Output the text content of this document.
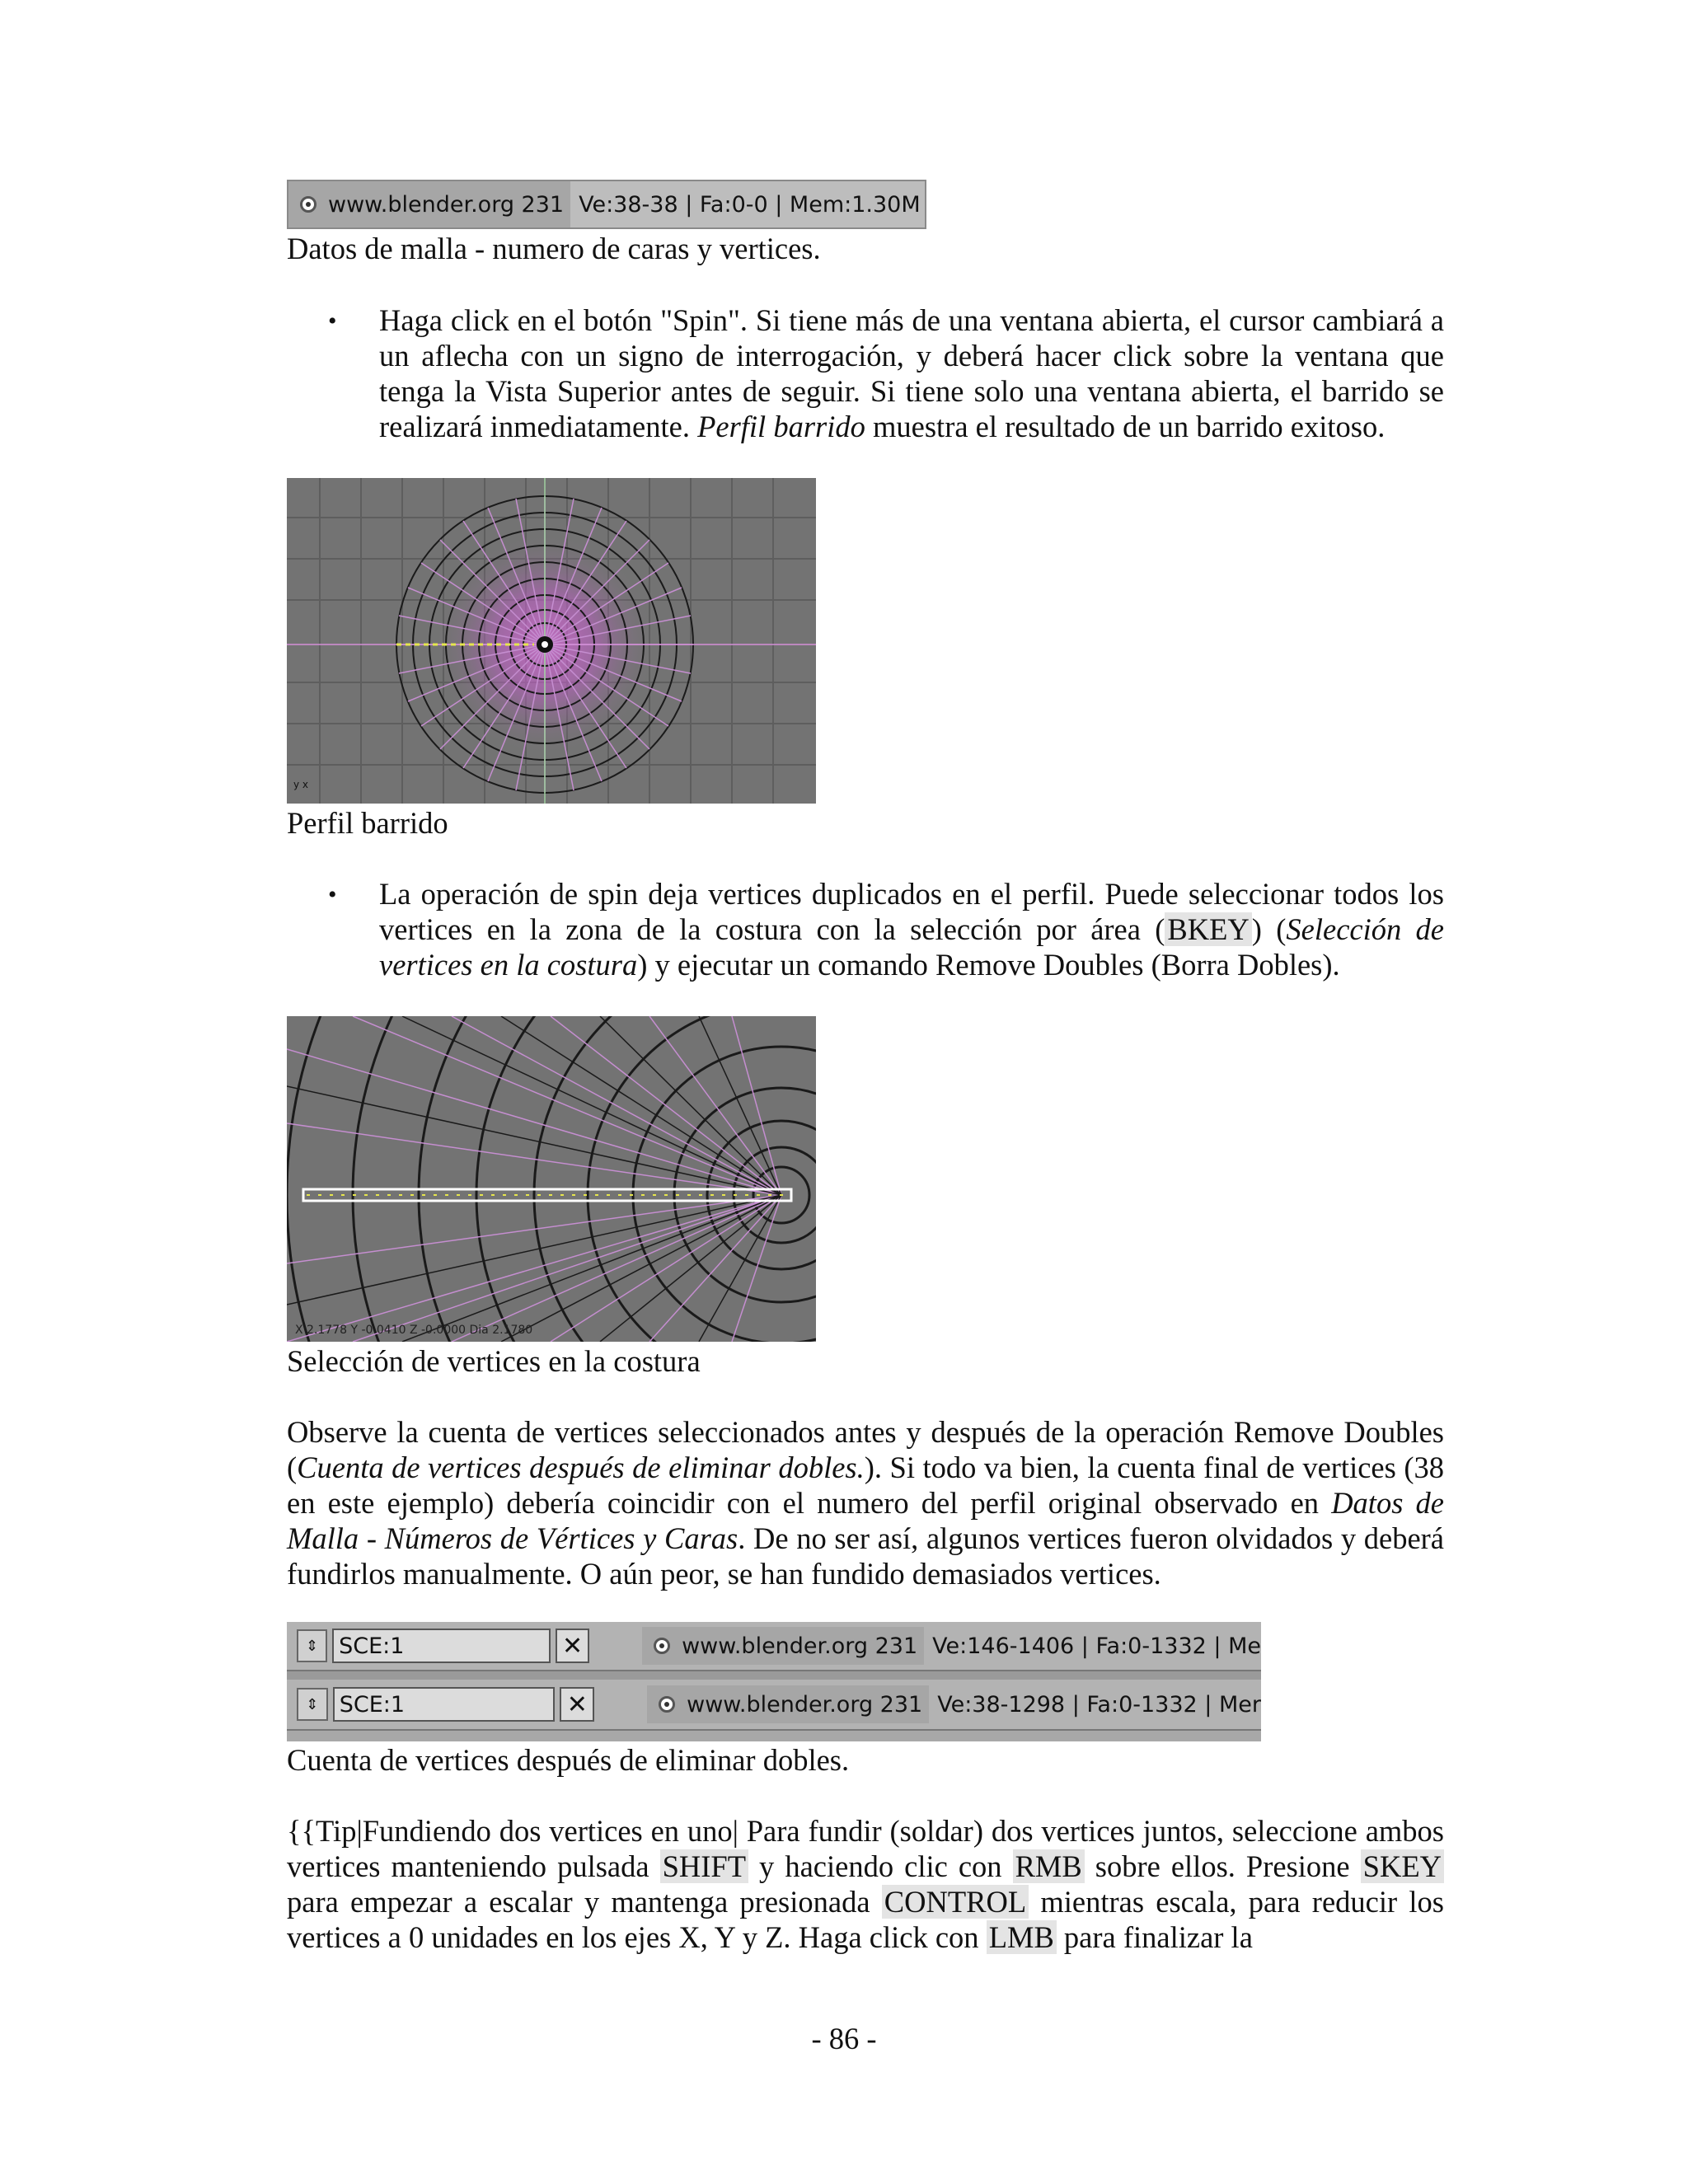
www.blender.org 231 Ve:38-38 | Fa:0-0 | Mem:1.30M
Datos de malla - numero de caras y vertices.
• Haga click en el botón "Spin". Si tiene más de una ventana abierta, el cursor cambiará a un aflecha con un signo de interrogación, y deberá hacer click sobre la ventana que tenga la Vista Superior antes de seguir. Si tiene solo una ventana abierta, el barrido se realizará inmediatamente. Perfil barrido muestra el resultado de un barrido exitoso.
y x
Perfil barrido
• La operación de spin deja vertices duplicados en el perfil. Puede seleccionar todos los vertices en la zona de la costura con la selección por área (BKEY) (Selección de vertices en la costura) y ejecutar un comando Remove Doubles (Borra Dobles).
X 2.1778 Y -0.0410 Z -0.0000 Dia 2.1780
Selección de vertices en la costura
Observe la cuenta de vertices seleccionados antes y después de la operación Remove Doubles (Cuenta de vertices después de eliminar dobles.). Si todo va bien, la cuenta final de vertices (38 en este ejemplo) debería coincidir con el numero del perfil original observado en Datos de Malla - Números de Vértices y Caras. De no ser así, algunos vertices fueron olvidados y deberá fundirlos manualmente. O aún peor, se han fundido demasiados vertices.
⇕ SCE:1	✕	www.blender.org 231 Ve:146-1406 | Fa:0-1332 | Me
⇕ SCE:1	✕	www.blender.org 231 Ve:38-1298 | Fa:0-1332 | Mer
Cuenta de vertices después de eliminar dobles.
{{Tip|Fundiendo dos vertices en uno| Para fundir (soldar) dos vertices juntos, seleccione ambos vertices manteniendo pulsada SHIFT y haciendo clic con RMB sobre ellos. Presione SKEY para empezar a escalar y mantenga presionada CONTROL mientras escala, para reducir los vertices a 0 unidades en los ejes X, Y y Z. Haga click con LMB para finalizar la
- 86 -
